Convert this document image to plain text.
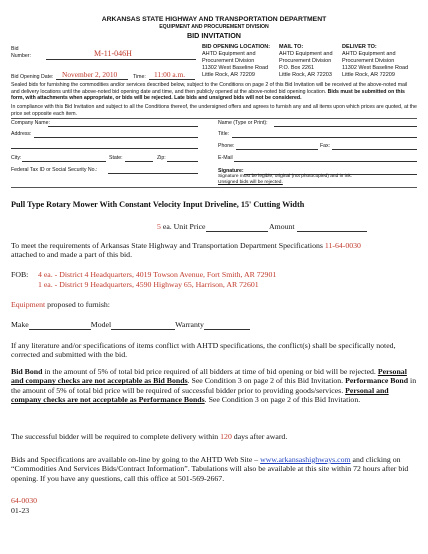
ARKANSAS STATE HIGHWAY AND TRANSPORTATION DEPARTMENT
EQUIPMENT AND PROCUREMENT DIVISION
BID INVITATION
Bid
Number:	M-11-046H
Bid Opening Date: November 2, 2010	Time: 11:00 a.m.
BID OPENING LOCATION:
AHTD Equipment and
Procurement Division
11302 West Baseline Road
Little Rock, AR 72209
MAIL TO:
AHTD Equipment and
Procurement Division
P.O. Box 2261
Little Rock, AR 72203
DELIVER TO:
AHTD Equipment and
Procurement Division
11302 West Baseline Road
Little Rock, AR 72209
Sealed bids for furnishing the commodities and/or services described below, subject to the Conditions on page 2 of this Bid Invitation will be received at the above-noted mail and delivery locations until the above-noted bid opening date and time, and then publicly opened at the above-noted bid opening location. Bids must be submitted on this form, with attachments when appropriate, or bids will be rejected. Late bids and unsigned bids will not be considered.
In compliance with this Bid Invitation and subject to all the Conditions thereof, the undersigned offers and agrees to furnish any and all items upon which prices are quoted, at the price set opposite each item.
Company Name:	Name (Type or Print):
Address:	Title:
Phone:	Fax:
City:	State:	Zip:	E-Mail
Federal Tax ID or Social Security No.:	Signature:
Signature must be legible, original (not photocopied) and in ink.
Unsigned bids will be rejected.
Pull Type Rotary Mower With Constant Velocity Input Driveline, 15' Cutting Width
5 ea. Unit Price	Amount
To meet the requirements of Arkansas State Highway and Transportation Department Specifications 11-64-0030
attached to and made a part of this bid.
FOB: 4 ea. - District 4 Headquarters, 4019 Towson Avenue, Fort Smith, AR 72901
1 ea. - District 9 Headquarters, 4590 Highway 65, Harrison, AR 72601
Equipment proposed to furnish:
Make	Model	Warranty
If any literature and/or specifications of items conflict with AHTD specifications, the conflict(s) shall be specifically noted, corrected and submitted with the bid.
Bid Bond in the amount of 5% of total bid price required of all bidders at time of bid opening or bid will be rejected. Personal and company checks are not acceptable as Bid Bonds. See Condition 3 on page 2 of this Bid Invitation. Performance Bond in the amount of 5% of total bid price will be required of successful bidder prior to providing goods/services. Personal and company checks are not acceptable as Performance Bonds. See Condition 3 on page 2 of this Bid Invitation.
The successful bidder will be required to complete delivery within 120 days after award.
Bids and Specifications are available on-line by going to the AHTD Web Site – www.arkansashighways.com and clicking on “Commodities And Services Bids/Contract Information”. Tabulations will also be available at this site within 72 hours after bid opening. If you have any questions, call this office at 501-569-2667.
64-0030
01-23
